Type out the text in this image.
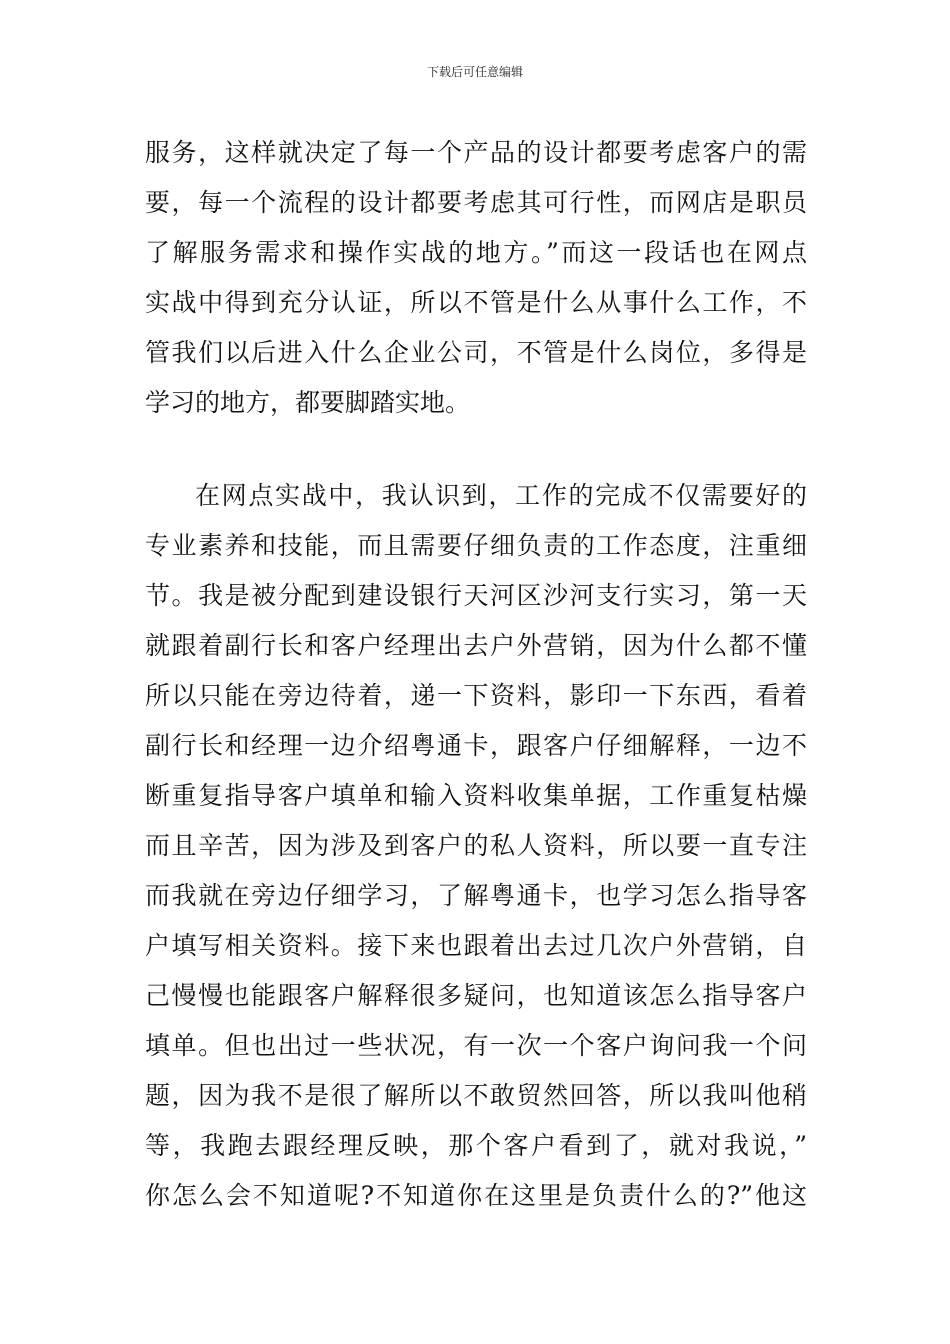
下载后可任意编辑
服务，这样就决定了每一个产品的设计都要考虑客户的需
要，每一个流程的设计都要考虑其可行性，而网店是职员
了解服务需求和操作实战的地方。”而这一段话也在网点
实战中得到充分认证，所以不管是什么从事什么工作，不
管我们以后进入什么企业公司，不管是什么岗位，多得是
学习的地方，都要脚踏实地。
在网点实战中，我认识到，工作的完成不仅需要好的
专业素养和技能，而且需要仔细负责的工作态度，注重细
节。我是被分配到建设银行天河区沙河支行实习，第一天
就跟着副行长和客户经理出去户外营销，因为什么都不懂
所以只能在旁边待着，递一下资料，影印一下东西，看着
副行长和经理一边介绍粤通卡，跟客户仔细解释，一边不
断重复指导客户填单和输入资料收集单据，工作重复枯燥
而且辛苦，因为涉及到客户的私人资料，所以要一直专注
而我就在旁边仔细学习，了解粤通卡，也学习怎么指导客
户填写相关资料。接下来也跟着出去过几次户外营销，自
己慢慢也能跟客户解释很多疑问，也知道该怎么指导客户
填单。但也出过一些状况，有一次一个客户询问我一个问
题，因为我不是很了解所以不敢贸然回答，所以我叫他稍
等，我跑去跟经理反映，那个客户看到了，就对我说，”
你怎么会不知道呢?不知道你在这里是负责什么的?”他这
